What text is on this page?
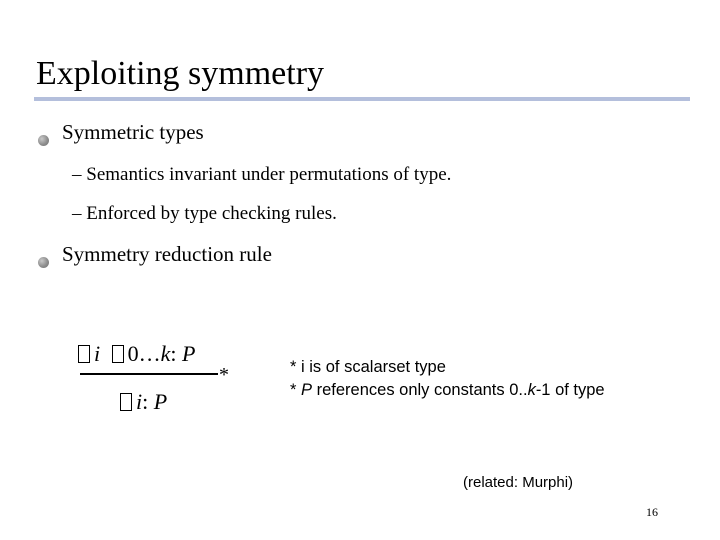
Exploiting symmetry
Symmetric types
– Semantics invariant under permutations of type.
– Enforced by type checking rules.
Symmetry reduction rule
i 0…k: P
*
i: P
* i is of scalarset type
* P references only constants 0..k-1 of type
(related: Murphi)
16
